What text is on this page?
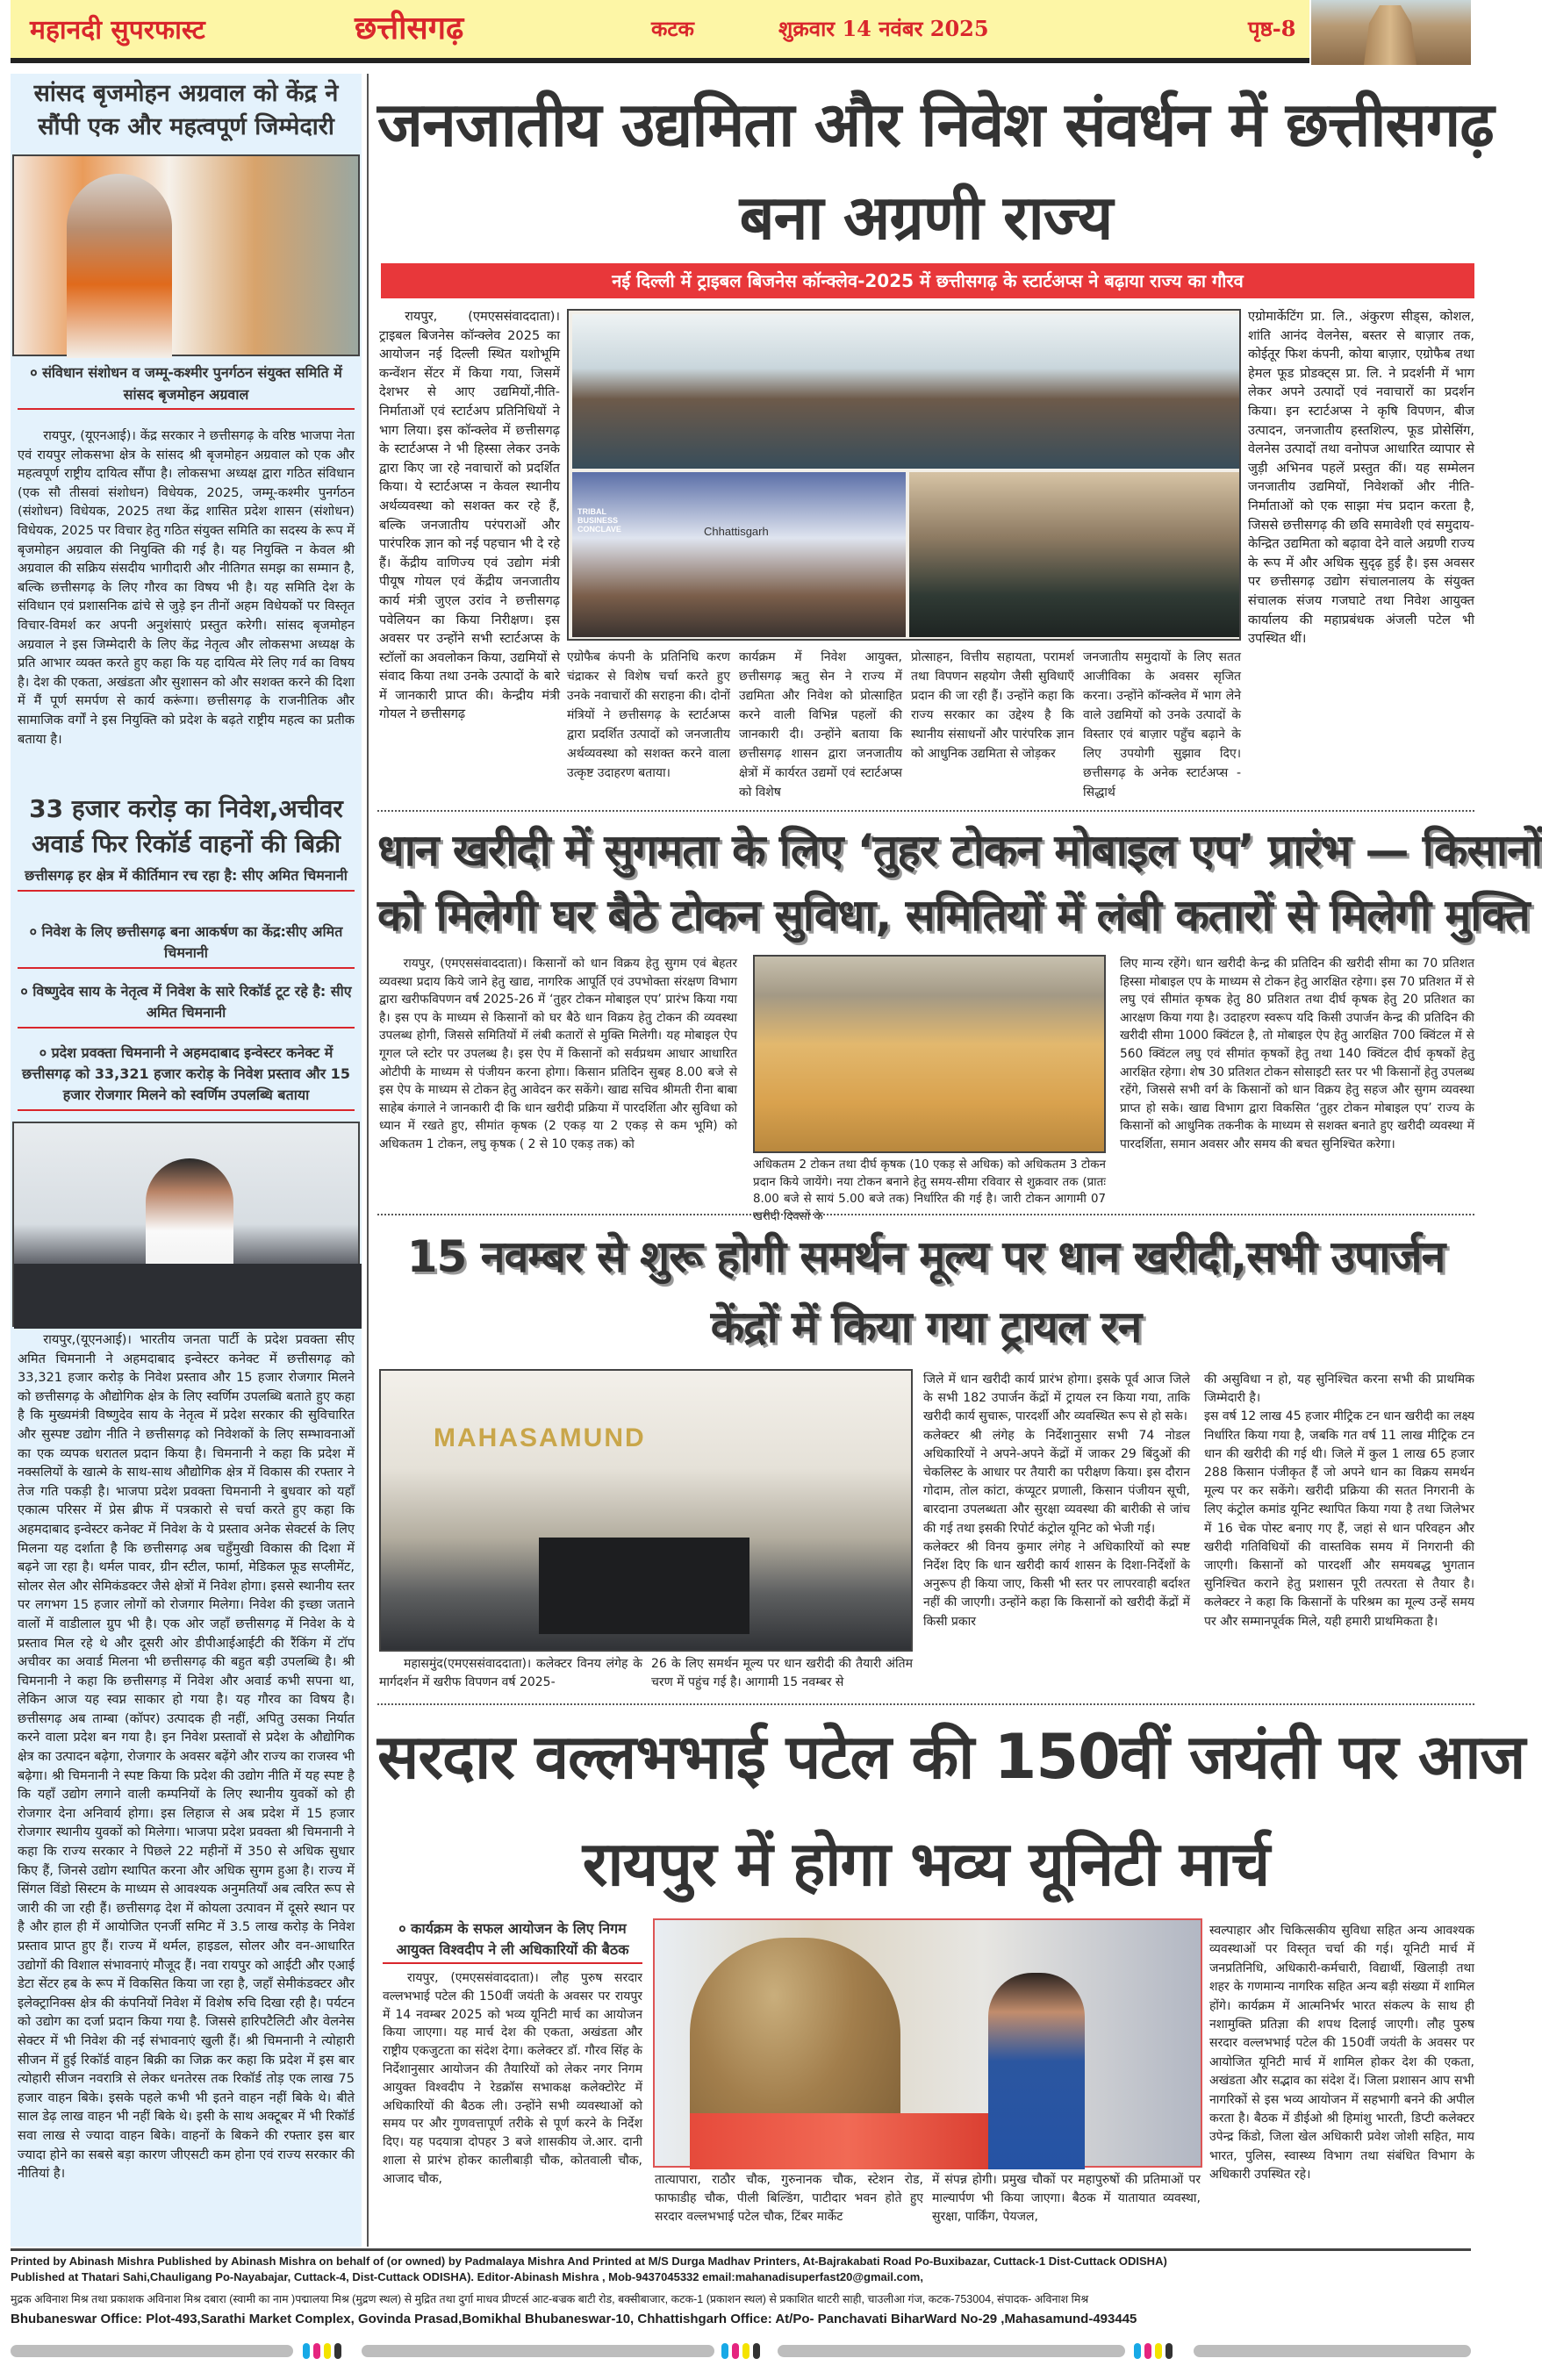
महानदी सुपरफास्ट	छत्तीसगढ़	कटक	शुक्रवार 14 नवंबर 2025	पृष्ठ-8
सांसद बृजमोहन अग्रवाल को केंद्र ने सौंपी एक और महत्वपूर्ण जिम्मेदारी
० संविधान संशोधन व जम्मू-कश्मीर पुनर्गठन संयुक्त समिति में सांसद बृजमोहन अग्रवाल

रायपुर, (यूएनआई)। केंद्र सरकार ने छत्तीसगढ़ के वरिष्ठ भाजपा नेता एवं रायपुर लोकसभा क्षेत्र के सांसद श्री बृजमोहन अग्रवाल को एक और महत्वपूर्ण राष्ट्रीय दायित्व सौंपा है। लोकसभा अध्यक्ष द्वारा गठित संविधान (एक सौ तीसवां संशोधन) विधेयक, 2025, जम्मू-कश्मीर पुनर्गठन (संशोधन) विधेयक, 2025 तथा केंद्र शासित प्रदेश शासन (संशोधन) विधेयक, 2025 पर विचार हेतु गठित संयुक्त समिति का सदस्य के रूप में बृजमोहन अग्रवाल की नियुक्ति की गई है। यह नियुक्ति न केवल श्री अग्रवाल की सक्रिय संसदीय भागीदारी और नीतिगत समझ का सम्मान है, बल्कि छत्तीसगढ़ के लिए गौरव का विषय भी है। यह समिति देश के संविधान एवं प्रशासनिक ढांचे से जुड़े इन तीनों अहम विधेयकों पर विस्तृत विचार-विमर्श कर अपनी अनुशंसाएं प्रस्तुत करेगी। सांसद बृजमोहन अग्रवाल ने इस जिम्मेदारी के लिए केंद्र नेतृत्व और लोकसभा अध्यक्ष के प्रति आभार व्यक्त करते हुए कहा कि यह दायित्व मेरे लिए गर्व का विषय है। देश की एकता, अखंडता और सुशासन को और सशक्त करने की दिशा में मैं पूर्ण समर्पण से कार्य करूंगा। छत्तीसगढ़ के राजनीतिक और सामाजिक वर्गों ने इस नियुक्ति को प्रदेश के बढ़ते राष्ट्रीय महत्व का प्रतीक बताया है।

33 हजार करोड़ का निवेश,अचीवर अवार्ड फिर रिकॉर्ड वाहनों की बिक्री
छत्तीसगढ़ हर क्षेत्र में कीर्तिमान रच रहा है: सीए अमित चिमनानी
० निवेश के लिए छत्तीसगढ़ बना आकर्षण का केंद्र:सीए अमित चिमनानी
० विष्णुदेव साय के नेतृत्व में निवेश के सारे रिकॉर्ड टूट रहे है: सीए अमित चिमनानी
० प्रदेश प्रवक्ता चिमनानी ने अहमदाबाद इन्वेस्टर कनेक्ट में छत्तीसगढ़ को 33,321 हजार करोड़ के निवेश प्रस्ताव और 15 हजार रोजगार मिलने को स्वर्णिम उपलब्धि बताया

रायपुर,(यूएनआई)। भारतीय जनता पार्टी के प्रदेश प्रवक्ता सीए अमित चिमनानी ने अहमदाबाद इन्वेस्टर कनेक्ट में छत्तीसगढ़ को 33,321 हजार करोड़ के निवेश प्रस्ताव और 15 हजार रोजगार मिलने को छत्तीसगढ़ के औद्योगिक क्षेत्र के लिए स्वर्णिम उपलब्धि बताते हुए कहा है कि मुख्यमंत्री विष्णुदेव साय के नेतृत्व में प्रदेश सरकार की सुविचारित और सुस्पष्ट उद्योग नीति ने छत्तीसगढ़ को निवेशकों के लिए सम्भावनाओं का एक व्यपक धरातल प्रदान किया है। चिमनानी ने कहा कि प्रदेश में नक्सलियों के खात्मे के साथ-साथ औद्योगिक क्षेत्र में विकास की रफ्तार ने तेज गति पकड़ी है। भाजपा प्रदेश प्रवक्ता चिमनानी ने बुधवार को यहाँ एकात्म परिसर में प्रेस ब्रीफ में पत्रकारो से चर्चा करते हुए कहा कि अहमदाबाद इन्वेस्टर कनेक्ट में निवेश के ये प्रस्ताव अनेक सेक्टर्स के लिए मिलना यह दर्शाता है कि छत्तीसगढ़ अब चहुँमुखी विकास की दिशा में बढ़ने जा रहा है। थर्मल पावर, ग्रीन स्टील, फार्मा, मेडिकल फूड सप्लीमेंट, सोलर सेल और सेमिकंडक्टर जैसे क्षेत्रों में निवेश होगा। इससे स्थानीय स्तर पर लगभग 15 हजार लोगों को रोजगार मिलेगा। निवेश की इच्छा जताने वालों में वाडीलाल ग्रुप भी है। एक ओर जहाँ छत्तीसगढ़ में निवेश के ये प्रस्ताव मिल रहे थे और दूसरी ओर डीपीआईआईटी की रैंकिंग में टॉप अचीवर का अवार्ड मिलना भी छत्तीसगढ़ की बहुत बड़ी उपलब्धि है। श्री चिमनानी ने कहा कि छत्तीसगड़ में निवेश और अवार्ड कभी सपना था, लेकिन आज यह स्वप्न साकार हो गया है। यह गौरव का विषय है। छत्तीसगढ़ अब ताम्बा (कॉपर) उत्पादक ही नहीं, अपितु उसका निर्यात करने वाला प्रदेश बन गया है। इन निवेश प्रस्तावों से प्रदेश के औद्योगिक क्षेत्र का उत्पादन बढ़ेगा, रोजगार के अवसर बढ़ेंगे और राज्य का राजस्व भी बढ़ेगा। श्री चिमनानी ने स्पष्ट किया कि प्रदेश की उद्योग नीति में यह स्पष्ट है कि यहाँ उद्योग लगाने वाली कम्पनियों के लिए स्थानीय युवकों को ही रोजगार देना अनिवार्य होगा। इस लिहाज से अब प्रदेश में 15 हजार रोजगार स्थानीय युवकों को मिलेगा। भाजपा प्रदेश प्रवक्ता श्री चिमनानी ने कहा कि राज्य सरकार ने पिछले 22 महीनों में 350 से अधिक सुधार किए हैं, जिनसे उद्योग स्थापित करना और अधिक सुगम हुआ है। राज्य में सिंगल विंडो सिस्टम के माध्यम से आवश्यक अनुमतियाँ अब त्वरित रूप से जारी की जा रही हैं। छत्तीसगढ़ देश में कोयला उत्पावन में दूसरे स्थान पर है और हाल ही में आयोजित एनर्जी समिट में 3.5 लाख करोड़ के निवेश प्रस्ताव प्राप्त हुए हैं। राज्य में थर्मल, हाइडल, सोलर और वन-आधारित उद्योगों की विशाल संभावनाएं मौजूद हैं। नवा रायपुर को आईटी और एआई डेटा सेंटर हब के रूप में विकसित किया जा रहा है, जहाँ सेमीकंडक्टर और इलेक्ट्रानिक्स क्षेत्र की कंपनियों निवेश में विशेष रुचि दिखा रही है। पर्यटन को उद्योग का दर्जा प्रदान किया गया है. जिससे हारिपटैलिटी और वेलनेस सेक्टर में भी निवेश की नई संभावनाएं खुली हैं। श्री चिमनानी ने त्योहारी सीजन में हुई रिकॉर्ड वाहन बिक्री का जिक्र कर कहा कि प्रदेश में इस बार त्योहारी सीजन नवरात्रि से लेकर धनतेरस तक रिकॉर्ड तोड़ एक लाख 75 हजार वाहन बिके। इसके पहले कभी भी इतने वाहन नहीं बिके थे। बीते साल डेढ़ लाख वाहन भी नहीं बिके थे। इसी के साथ अक्टूबर में भी रिकॉर्ड सवा लाख से ज्यादा वाहन बिके। वाहनों के बिकने की रफ्तार इस बार ज्यादा होने का सबसे बड़ा कारण जीएसटी कम होना एवं राज्य सरकार की नीतियां है।

जनजातीय उद्यमिता और निवेश संवर्धन में छत्तीसगढ़
बना अग्रणी राज्य
नई दिल्ली में ट्राइबल बिजनेस कॉन्क्लेव-2025 में छत्तीसगढ़ के स्टार्टअप्स ने बढ़ाया राज्य का गौरव

रायपुर, (एमएससंवाददाता)। ट्राइबल बिजनेस कॉन्क्लेव 2025 का आयोजन नई दिल्ली स्थित यशोभूमि कन्वेंशन सेंटर में किया गया, जिसमें देशभर से आए उद्यमियों,नीति-निर्माताओं एवं स्टार्टअप प्रतिनिधियों ने भाग लिया। इस कॉन्क्लेव में छत्तीसगढ़ के स्टार्टअप्स ने भी हिस्सा लेकर उनके द्वारा किए जा रहे नवाचारों को प्रदर्शित किया। ये स्टार्टअप्स न केवल स्थानीय अर्थव्यवस्था को सशक्त कर रहे हैं, बल्कि जनजातीय परंपराओं और पारंपरिक ज्ञान को नई पहचान भी दे रहे हैं। केंद्रीय वाणिज्य एवं उद्योग मंत्री पीयूष गोयल एवं केंद्रीय जनजातीय कार्य मंत्री जुएल उरांव ने छत्तीसगढ़ पवेलियन का किया निरीक्षण। इस अवसर पर उन्होंने सभी स्टार्टअप्स के स्टॉलों का अवलोकन किया, उद्यमियों से संवाद किया तथा उनके उत्पादों के बारे में जानकारी प्राप्त की। केन्द्रीय मंत्री गोयल ने छत्तीसगढ़

Chhattisgarh
TRIBAL BUSINESS CONCLAVE

एग्रोमार्केटिंग प्रा. लि., अंकुरण सीड्स, कोशल, शांति आनंद वेलनेस, बस्तर से बाज़ार तक, कोईतूर फिश कंपनी, कोया बाज़ार, एग्रोफैब तथा हेमल फूड प्रोडक्ट्स प्रा. लि. ने प्रदर्शनी में भाग लेकर अपने उत्पादों एवं नवाचारों का प्रदर्शन किया। इन स्टार्टअप्स ने कृषि विपणन, बीज उत्पादन, जनजातीय हस्तशिल्प, फूड प्रोसेसिंग, वेलनेस उत्पादों तथा वनोपज आधारित व्यापार से जुड़ी अभिनव पहलें प्रस्तुत कीं। यह सम्मेलन जनजातीय उद्यमियों, निवेशकों और नीति-निर्माताओं को एक साझा मंच प्रदान करता है, जिससे छत्तीसगढ़ की छवि समावेशी एवं समुदाय-केन्द्रित उद्यमिता को बढ़ावा देने वाले अग्रणी राज्य के रूप में और अधिक सुदृढ़ हुई है। इस अवसर पर छत्तीसगढ़ उद्योग संचालनालय के संयुक्त संचालक संजय गजघाटे तथा निवेश आयुक्त कार्यालय की महाप्रबंधक अंजली पटेल भी उपस्थित थीं।

एग्रोफैब कंपनी के प्रतिनिधि करण चंद्राकर से विशेष चर्चा करते हुए उनके नवाचारों की सराहना की। दोनों मंत्रियों ने छत्तीसगढ़ के स्टार्टअप्स द्वारा प्रदर्शित उत्पादों को जनजातीय अर्थव्यवस्था को सशक्त करने वाला उत्कृष्ट उदाहरण बताया।
कार्यक्रम में निवेश आयुक्त, छत्तीसगढ़ ऋतु सेन ने राज्य में उद्यमिता और निवेश को प्रोत्साहित करने वाली विभिन्न पहलों की जानकारी दी। उन्होंने बताया कि छत्तीसगढ़ शासन द्वारा जनजातीय क्षेत्रों में कार्यरत उद्यमों एवं स्टार्टअप्स को विशेष
प्रोत्साहन, वित्तीय सहायता, परामर्श तथा विपणन सहयोग जैसी सुविधाएँ प्रदान की जा रही हैं। उन्होंने कहा कि राज्य सरकार का उद्देश्य है कि स्थानीय संसाधनों और पारंपरिक ज्ञान को आधुनिक उद्यमिता से जोड़कर
जनजातीय समुदायों के लिए सतत आजीविका के अवसर सृजित करना। उन्होंने कॉन्क्लेव में भाग लेने वाले उद्यमियों को उनके उत्पादों के विस्तार एवं बाज़ार पहुँच बढ़ाने के लिए उपयोगी सुझाव दिए। छत्तीसगढ़ के अनेक स्टार्टअप्स - सिद्धार्थ
धान खरीदी में सुगमता के लिए ‘तुहर टोकन मोबाइल एप’ प्रारंभ — किसानों
को मिलेगी घर बैठे टोकन सुविधा, समितियों में लंबी कतारों से मिलेगी मुक्ति

रायपुर, (एमएससंवाददाता)। किसानों को धान विक्रय हेतु सुगम एवं बेहतर व्यवस्था प्रदाय किये जाने हेतु खाद्य, नागरिक आपूर्ति एवं उपभोक्ता संरक्षण विभाग द्वारा खरीफविपणन वर्ष 2025-26 में ‘तुहर टोकन मोबाइल एप’ प्रारंभ किया गया है। इस एप के माध्यम से किसानों को घर बैठे धान विक्रय हेतु टोकन की व्यवस्था उपलब्ध होगी, जिससे समितियों में लंबी कतारों से मुक्ति मिलेगी। यह मोबाइल ऐप गूगल प्ले स्टोर पर उपलब्ध है। इस ऐप में किसानों को सर्वप्रथम आधार आधारित ओटीपी के माध्यम से पंजीयन करना होगा। किसान प्रतिदिन सुबह 8.00 बजे से इस ऐप के माध्यम से टोकन हेतु आवेदन कर सकेंगे। खाद्य सचिव श्रीमती रीना बाबा साहेब कंगाले ने जानकारी दी कि धान खरीदी प्रक्रिया में पारदर्शिता और सुविधा को ध्यान में रखते हुए, सीमांत कृषक (2 एकड़ या 2 एकड़ से कम भूमि) को अधिकतम 1 टोकन, लघु कृषक ( 2 से 10 एकड़ तक) को

अधिकतम 2 टोकन तथा दीर्घ कृषक (10 एकड़ से अधिक) को अधिकतम 3 टोकन प्रदान किये जायेंगे। नया टोकन बनाने हेतु समय-सीमा रविवार से शुक्रवार तक (प्रातः 8.00 बजे से सायं 5.00 बजे तक) निर्धारित की गई है। जारी टोकन आगामी 07 खरीदी दिवसों के
लिए मान्य रहेंगे। धान खरीदी केन्द्र की प्रतिदिन की खरीदी सीमा का 70 प्रतिशत हिस्सा मोबाइल एप के माध्यम से टोकन हेतु आरक्षित रहेगा। इस 70 प्रतिशत में से लघु एवं सीमांत कृषक हेतु 80 प्रतिशत तथा दीर्घ कृषक हेतु 20 प्रतिशत का आरक्षण किया गया है। उदाहरण स्वरूप यदि किसी उपार्जन केन्द्र की प्रतिदिन की खरीदी सीमा 1000 क्विंटल है, तो मोबाइल ऐप हेतु आरक्षित 700 क्विंटल में से 560 क्विंटल लघु एवं सीमांत कृषकों हेतु तथा 140 क्विंटल दीर्घ कृषकों हेतु आरक्षित रहेगा। शेष 30 प्रतिशत टोकन सोसाइटी स्तर पर भी किसानों हेतु उपलब्ध रहेंगे, जिससे सभी वर्ग के किसानों को धान विक्रय हेतु सहज और सुगम व्यवस्था प्राप्त हो सके। खाद्य विभाग द्वारा विकसित ‘तुहर टोकन मोबाइल एप’ राज्य के किसानों को आधुनिक तकनीक के माध्यम से सशक्त बनाते हुए खरीदी व्यवस्था में पारदर्शिता, समान अवसर और समय की बचत सुनिश्चित करेगा।
15 नवम्बर से शुरू होगी समर्थन मूल्य पर धान खरीदी,सभी उपार्जन
केंद्रों में किया गया ट्रायल रन
MAHASAMUND

महासमुंद(एमएससंवाददाता)। कलेक्टर विनय लंगेह के मार्गदर्शन में खरीफ विपणन वर्ष 2025-

26 के लिए समर्थन मूल्य पर धान खरीदी की तैयारी अंतिम चरण में पहुंच गई है। आगामी 15 नवम्बर से
जिले में धान खरीदी कार्य प्रारंभ होगा। इसके पूर्व आज जिले के सभी 182 उपार्जन केंद्रों में ट्रायल रन किया गया, ताकि खरीदी कार्य सुचारू, पारदर्शी और व्यवस्थित रूप से हो सके।
कलेक्टर श्री लंगेह के निर्देशानुसार सभी 74 नोडल अधिकारियों ने अपने-अपने केंद्रों में जाकर 29 बिंदुओं की चेकलिस्ट के आधार पर तैयारी का परीक्षण किया। इस दौरान गोदाम, तोल कांटा, कंप्यूटर प्रणाली, किसान पंजीयन सूची, बारदाना उपलब्धता और सुरक्षा व्यवस्था की बारीकी से जांच की गई तथा इसकी रिपोर्ट कंट्रोल यूनिट को भेजी गई।
कलेक्टर श्री विनय कुमार लंगेह ने अधिकारियों को स्पष्ट निर्देश दिए कि धान खरीदी कार्य शासन के दिशा-निर्देशों के अनुरूप ही किया जाए, किसी भी स्तर पर लापरवाही बर्दाश्त नहीं की जाएगी। उन्होंने कहा कि किसानों को खरीदी केंद्रों में किसी प्रकार
की असुविधा न हो, यह सुनिश्चित करना सभी की प्राथमिक जिम्मेदारी है।
इस वर्ष 12 लाख 45 हजार मीट्रिक टन धान खरीदी का लक्ष्य निर्धारित किया गया है, जबकि गत वर्ष 11 लाख मीट्रिक टन धान की खरीदी की गई थी। जिले में कुल 1 लाख 65 हजार 288 किसान पंजीकृत हैं जो अपने धान का विक्रय समर्थन मूल्य पर कर सकेंगे। खरीदी प्रक्रिया की सतत निगरानी के लिए कंट्रोल कमांड यूनिट स्थापित किया गया है तथा जिलेभर में 16 चेक पोस्ट बनाए गए हैं, जहां से धान परिवहन और खरीदी गतिविधियों की वास्तविक समय में निगरानी की जाएगी। किसानों को पारदर्शी और समयबद्ध भुगतान सुनिश्चित कराने हेतु प्रशासन पूरी तत्परता से तैयार है। कलेक्टर ने कहा कि किसानों के परिश्रम का मूल्य उन्हें समय पर और सम्मानपूर्वक मिले, यही हमारी प्राथमिकता है।
सरदार वल्लभभाई पटेल की 150वीं जयंती पर आज
रायपुर में होगा भव्य यूनिटी मार्च
० कार्यक्रम के सफल आयोजन के लिए निगम आयुक्त विश्वदीप ने ली अधिकारियों की बैठक

रायपुर, (एमएससंवाददाता)। लौह पुरुष सरदार वल्लभभाई पटेल की 150वीं जयंती के अवसर पर रायपुर में 14 नवम्बर 2025 को भव्य यूनिटी मार्च का आयोजन किया जाएगा। यह मार्च देश की एकता, अखंडता और राष्ट्रीय एकजुटता का संदेश देगा। कलेक्टर डॉ. गौरव सिंह के निर्देशानुसार आयोजन की तैयारियों को लेकर नगर निगम आयुक्त विश्वदीप ने रेडक्रॉस सभाकक्ष कलेक्टोरेट में अधिकारियों की बैठक ली। उन्होंने सभी व्यवस्थाओं को समय पर और गुणवत्तापूर्ण तरीके से पूर्ण करने के निर्देश दिए। यह पदयात्रा दोपहर 3 बजे शासकीय जे.आर. दानी शाला से प्रारंभ होकर कालीबाड़ी चौक, कोतवाली चौक, आजाद चौक,	तात्यापारा, राठौर चौक, गुरुनानक चौक, स्टेशन रोड, फाफाडीह चौक, पीली बिल्डिंग, पाटीदार भवन होते हुए सरदार वल्लभभाई पटेल चौक, टिंबर मार्केट
में संपन्न होगी। प्रमुख चौकों पर महापुरुषों की प्रतिमाओं पर माल्यार्पण भी किया जाएगा। बैठक में यातायात व्यवस्था, सुरक्षा, पार्किंग, पेयजल,
स्वल्पाहार और चिकित्सकीय सुविधा सहित अन्य आवश्यक व्यवस्थाओं पर विस्तृत चर्चा की गई। यूनिटी मार्च में जनप्रतिनिधि, अधिकारी-कर्मचारी, विद्यार्थी, खिलाड़ी तथा शहर के गणमान्य नागरिक सहित अन्य बड़ी संख्या में शामिल होंगे। कार्यक्रम में आत्मनिर्भर भारत संकल्प के साथ ही नशामुक्ति प्रतिज्ञा की शपथ दिलाई जाएगी। लौह पुरुष सरदार वल्लभभाई पटेल की 150वीं जयंती के अवसर पर आयोजित यूनिटी मार्च में शामिल होकर देश की एकता, अखंडता और सद्भाव का संदेश दें। जिला प्रशासन आप सभी नागरिकों से इस भव्य आयोजन में सहभागी बनने की अपील करता है। बैठक में डीईओ श्री हिमांशु भारती, डिप्टी कलेक्टर उपेन्द्र किंडो, जिला खेल अधिकारी प्रवेश जोशी सहित, माय भारत, पुलिस, स्वास्थ्य विभाग तथा संबंधित विभाग के अधिकारी उपस्थित रहे।
Printed by Abinash Mishra Published by Abinash Mishra on behalf of (or owned) by Padmalaya Mishra And Printed at M/S Durga Madhav Printers, At-Bajrakabati Road Po-Buxibazar, Cuttack-1 Dist-Cuttack ODISHA)
Published at Thatari Sahi,Chauligang Po-Nayabajar, Cuttack-4, Dist-Cuttack ODISHA). Editor-Abinash Mishra , Mob-9437045332 email:mahanadisuperfast20@gmail.com,
मुद्रक अविनाश मिश्र तथा प्रकाशक अविनाश मिश्र दबारा (स्वामी का नाम )पद्मालया मिश्र (मुद्रण स्थल) से मुद्रित तथा दुर्गा माधव प्रीण्टर्स आट-बज्रक बाटी रोड, बक्सीबाजार, कटक-1 (प्रकाशन स्थल) से प्रकाशित थाटरी साही, चाउलीआ गंज, कटक-753004, संपादक- अविनाश मिश्र
Bhubaneswar Office: Plot-493,Sarathi Market Complex, Govinda Prasad,Bomikhal Bhubaneswar-10, Chhattishgarh Office: At/Po- Panchavati BiharWard No-29 ,Mahasamund-493445
